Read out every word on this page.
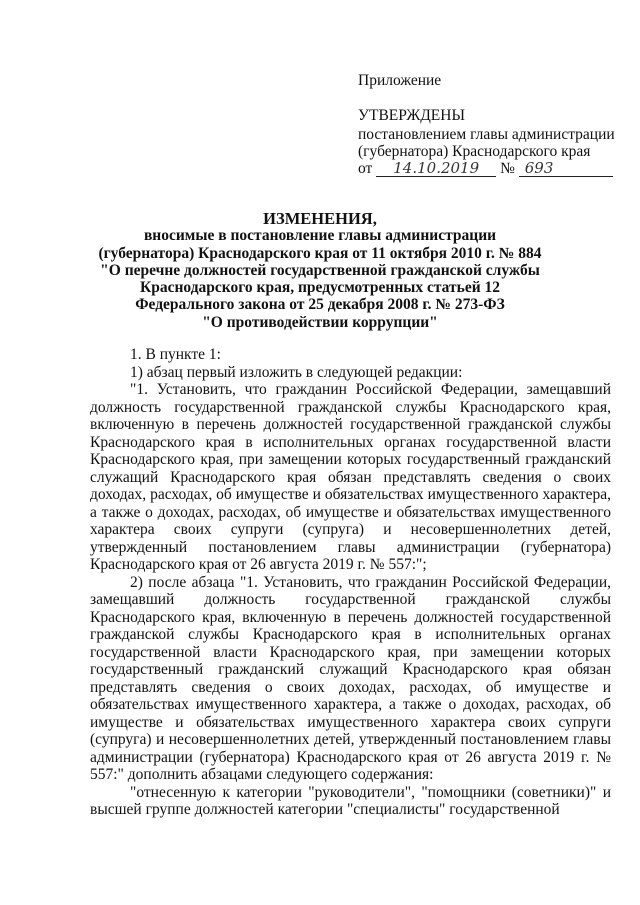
Приложение
УТВЕРЖДЕНЫ
постановлением главы администрации
(губернатора) Краснодарского края
от 14.10.2019 № 693
ИЗМЕНЕНИЯ,
вносимые в постановление главы администрации
(губернатора) Краснодарского края от 11 октября 2010 г. № 884
"О перечне должностей государственной гражданской службы
Краснодарского края, предусмотренных статьей 12
Федерального закона от 25 декабря 2008 г. № 273-ФЗ
"О противодействии коррупции"

1. В пункте 1:

1) абзац первый изложить в следующей редакции:

"1. Установить, что гражданин Российской Федерации, замещавший должность государственной гражданской службы Краснодарского края, включенную в перечень должностей государственной гражданской службы Краснодарского края в исполнительных органах государственной власти Краснодарского края, при замещении которых государственный гражданский служащий Краснодарского края обязан представлять сведения о своих доходах, расходах, об имуществе и обязательствах имущественного характера, а также о доходах, расходах, об имуществе и обязательствах имущественного характера своих супруги (супруга) и несовершеннолетних детей, утвержденный постановлением главы администрации (губернатора) Краснодарского края от 26 августа 2019 г. № 557:";

2) после абзаца "1. Установить, что гражданин Российской Федерации, замещавший должность государственной гражданской службы Краснодарского края, включенную в перечень должностей государственной гражданской службы Краснодарского края в исполнительных органах государственной власти Краснодарского края, при замещении которых государственный гражданский служащий Краснодарского края обязан представлять сведения о своих доходах, расходах, об имуществе и обязательствах имущественного характера, а также о доходах, расходах, об имуществе и обязательствах имущественного характера своих супруги (супруга) и несовершеннолетних детей, утвержденный постановлением главы администрации (губернатора) Краснодарского края от 26 августа 2019 г. № 557:" дополнить абзацами следующего содержания:

"отнесенную к категории "руководители", "помощники (советники)" и высшей группе должностей категории "специалисты" государственной
